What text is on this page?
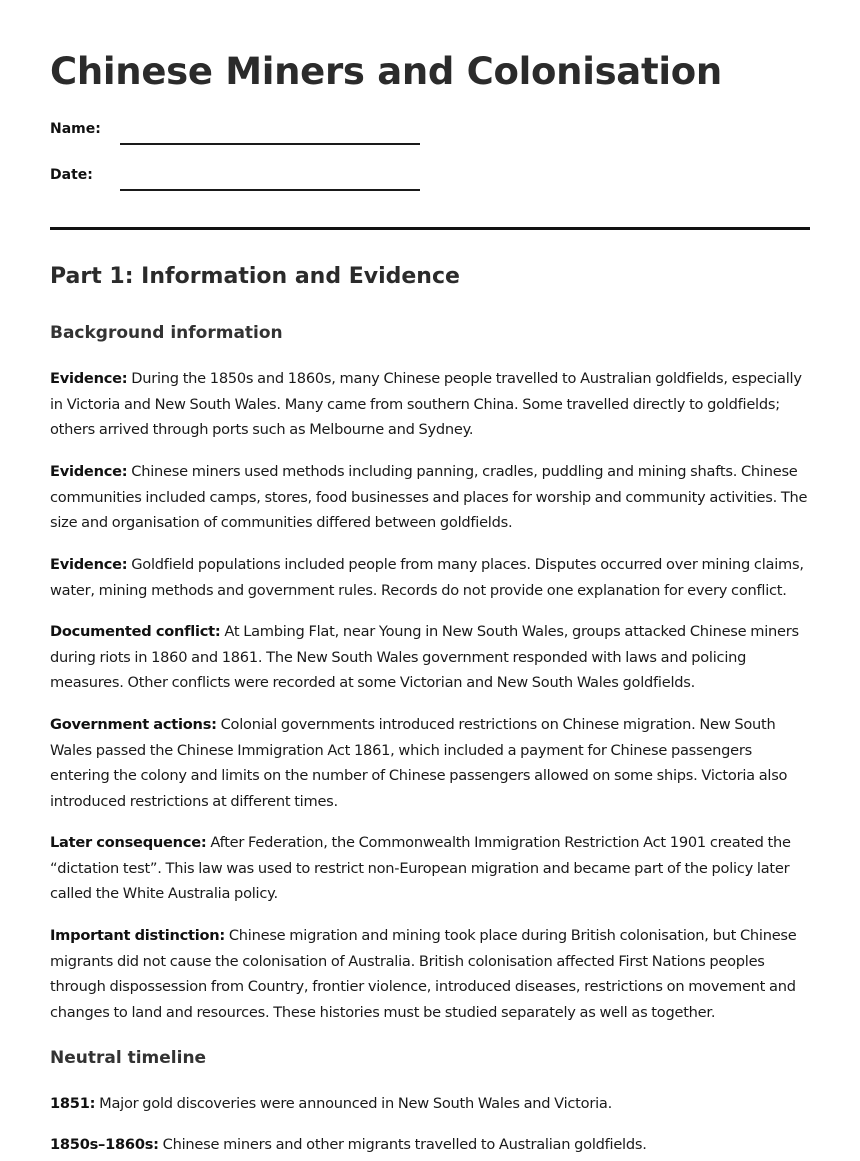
Chinese Miners and Colonisation
Name:
Date:
Part 1: Information and Evidence
Background information

Evidence: During the 1850s and 1860s, many Chinese people travelled to Australian goldfields, especially in Victoria and New South Wales. Many came from southern China. Some travelled directly to goldfields; others arrived through ports such as Melbourne and Sydney.

Evidence: Chinese miners used methods including panning, cradles, puddling and mining shafts. Chinese communities included camps, stores, food businesses and places for worship and community activities. The size and organisation of communities differed between goldfields.

Evidence: Goldfield populations included people from many places. Disputes occurred over mining claims, water, mining methods and government rules. Records do not provide one explanation for every conflict.

Documented conflict: At Lambing Flat, near Young in New South Wales, groups attacked Chinese miners during riots in 1860 and 1861. The New South Wales government responded with laws and policing measures. Other conflicts were recorded at some Victorian and New South Wales goldfields.

Government actions: Colonial governments introduced restrictions on Chinese migration. New South Wales passed the Chinese Immigration Act 1861, which included a payment for Chinese passengers entering the colony and limits on the number of Chinese passengers allowed on some ships. Victoria also introduced restrictions at different times.

Later consequence: After Federation, the Commonwealth Immigration Restriction Act 1901 created the “dictation test”. This law was used to restrict non-European migration and became part of the policy later called the White Australia policy.

Important distinction: Chinese migration and mining took place during British colonisation, but Chinese migrants did not cause the colonisation of Australia. British colonisation affected First Nations peoples through dispossession from Country, frontier violence, introduced diseases, restrictions on movement and changes to land and resources. These histories must be studied separately as well as together.

Neutral timeline

1851: Major gold discoveries were announced in New South Wales and Victoria.

1850s–1860s: Chinese miners and other migrants travelled to Australian goldfields.
